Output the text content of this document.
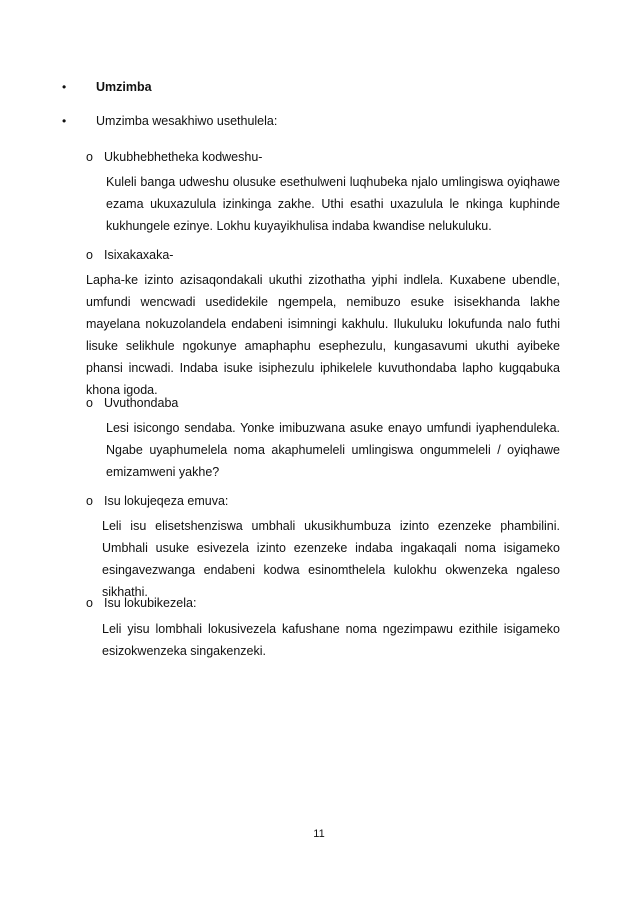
• Umzimba
• Umzimba wesakhiwo usethulela:
o Ukubhebhetheka kodweshu-
Kuleli banga udweshu olusuke esethulweni luqhubeka njalo umlingiswa oyiqhawe ezama ukuxazulula izinkinga zakhe. Uthi esathi uxazulula le nkinga kuphinde kukhungele ezinye. Lokhu kuyayikhulisa indaba kwandise nelukuluku.
o Isixakaxaka-
Lapha-ke izinto azisaqondakali ukuthi zizothatha yiphi indlela. Kuxabene ubendle, umfundi wencwadi usedidekile ngempela, nemibuzo esuke isisekhanda lakhe mayelana nokuzolandela endabeni isimningi kakhulu. Ilukuluku lokufunda nalo futhi lisuke selikhule ngokunye amaphaphu esephezulu, kungasavumi ukuthi ayibeke phansi incwadi. Indaba isuke isiphezulu iphikelele kuvuthondaba lapho kugqabuka khona igoda.
o Uvuthondaba
Lesi isicongo sendaba. Yonke imibuzwana asuke enayo umfundi iyaphenduleka. Ngabe uyaphumelela noma akaphumeleli umlingiswa ongummeleli / oyiqhawe emizamweni yakhe?
o Isu lokujeqeza emuva:
Leli isu elisetshenziswa umbhali ukusikhumbuza izinto ezenzeke phambilini. Umbhali usuke esivezela izinto ezenzeke indaba ingakaqali noma isigameko esingavezwanga endabeni kodwa esinomthelela kulokhu okwenzeka ngaleso sikhathi.
o Isu lokubikezela:
Leli yisu lombhali lokusivezela kafushane noma ngezimpawu ezithile isigameko esizokwenzeka singakenzeki.
11
